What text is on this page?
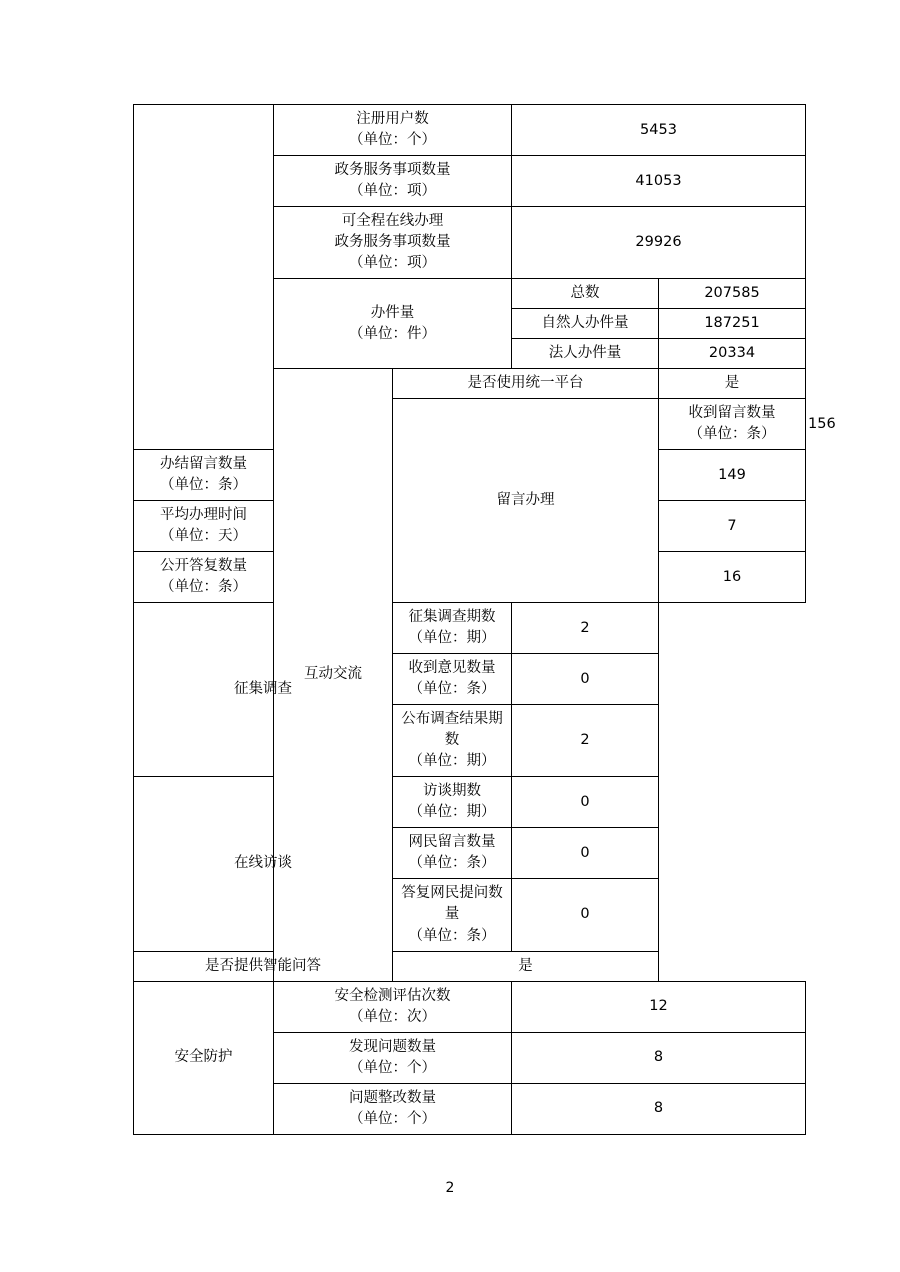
	注册用户数
（单位：个）		5453		

	政务服务事项数量
（单位：项）		41053		

	可全程在线办理
政务服务事项数量
（单位：项）		29926		

	办件量
（单位：件）		总数	207585	
			自然人办件量	187251	
			法人办件量	20334	
	互动交流	是否使用统一平台		是	
		留言办理		收到留言数量
（单位：条）	156

办结留言数量
（单位：条）				149	

平均办理时间
（单位：天）				7	

公开答复数量
（单位：条）				16	
征集调查		征集调查期数
（单位：期）	2		

		收到意见数量
（单位：条）	0		

		公布调查结果期数
（单位：期）	2		
在线访谈		访谈期数
（单位：期）	0		

		网民留言数量
（单位：条）	0		

		答复网民提问数量
（单位：条）	0		
是否提供智能问答		是			
安全防护	安全检测评估次数
（单位：次）		12		

	发现问题数量
（单位：个）		8		

	问题整改数量
（单位：个）		8		
2
